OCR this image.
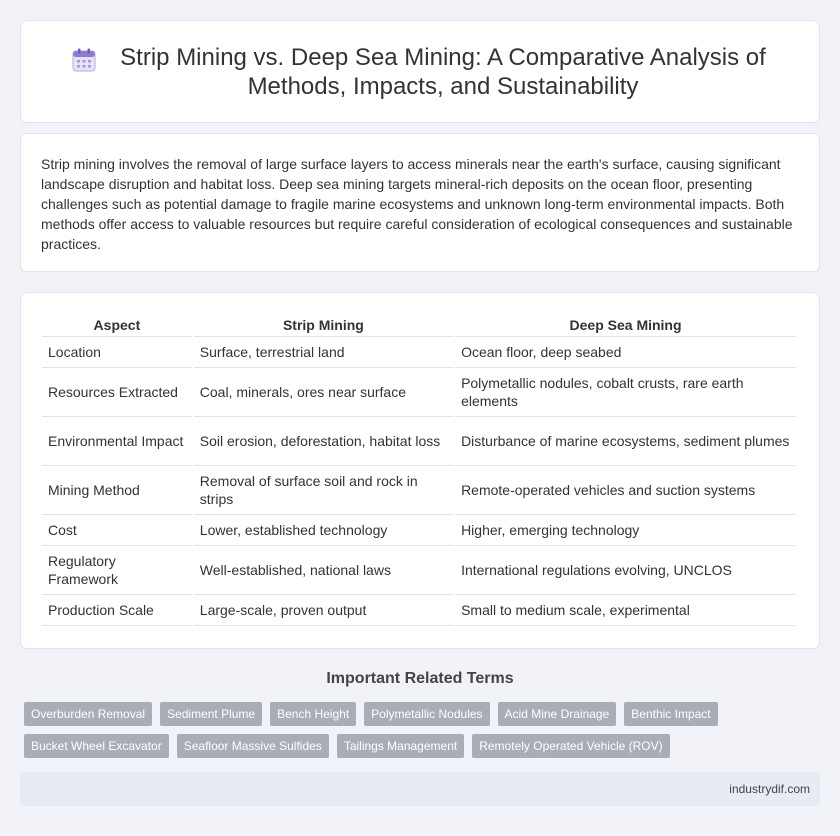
Strip Mining vs. Deep Sea Mining: A Comparative Analysis of Methods, Impacts, and Sustainability

Strip mining involves the removal of large surface layers to access minerals near the earth's surface, causing significant landscape disruption and habitat loss. Deep sea mining targets mineral-rich deposits on the ocean floor, presenting challenges such as potential damage to fragile marine ecosystems and unknown long-term environmental impacts. Both methods offer access to valuable resources but require careful consideration of ecological consequences and sustainable practices.

Aspect	Strip Mining	Deep Sea Mining
Location	Surface, terrestrial land	Ocean floor, deep seabed
Resources Extracted	Coal, minerals, ores near surface	Polymetallic nodules, cobalt crusts, rare earth elements
Environmental Impact	Soil erosion, deforestation, habitat loss	Disturbance of marine ecosystems, sediment plumes
Mining Method	Removal of surface soil and rock in strips	Remote-operated vehicles and suction systems
Cost	Lower, established technology	Higher, emerging technology
Regulatory Framework	Well-established, national laws	International regulations evolving, UNCLOS
Production Scale	Large-scale, proven output	Small to medium scale, experimental
Important Related Terms
Overburden Removal	Sediment Plume	Bench Height	Polymetallic Nodules	Acid Mine Drainage	Benthic Impact
Bucket Wheel Excavator	Seafloor Massive Sulfides	Tailings Management	Remotely Operated Vehicle (ROV)
industrydif.com
